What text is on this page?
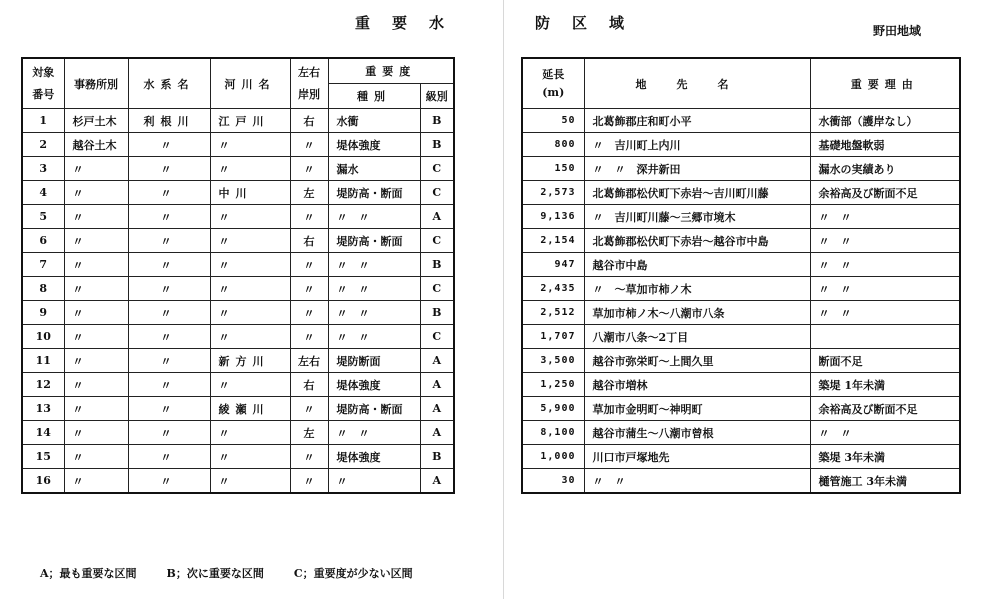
重要水	防区域	野田地域
対象
番号	事務所別	水系名	河川名	左右
岸別	重要度	
					種別	級別
1	杉戸土木	利根川	江戸川	右	水衝	B
2	越谷土木	〃	〃	〃	堤体強度	B
3	〃	〃	〃	〃	漏水	C
4	〃	〃	中川	左	堤防高・断面	C
5	〃	〃	〃	〃	〃　〃	A
6	〃	〃	〃	右	堤防高・断面	C
7	〃	〃	〃	〃	〃　〃	B
8	〃	〃	〃	〃	〃　〃	C
9	〃	〃	〃	〃	〃　〃	B
10	〃	〃	〃	〃	〃　〃	C
11	〃	〃	新方川	左右	堤防断面	A
12	〃	〃	〃	右	堤体強度	A
13	〃	〃	綾瀬川	〃	堤防高・断面	A
14	〃	〃	〃	左	〃　〃	A
15	〃	〃	〃	〃	堤体強度	B
16	〃	〃	〃	〃	〃	A
延長
(m)	地先名	重要理由
50	北葛飾郡庄和町小平	水衝部（護岸なし）
800	〃　吉川町上内川	基礎地盤軟弱
150	〃　〃　深井新田	漏水の実績あり
2,573	北葛飾郡松伏町下赤岩～吉川町川藤	余裕高及び断面不足
9,136	〃　吉川町川藤～三郷市境木	〃　〃
2,154	北葛飾郡松伏町下赤岩～越谷市中島	〃　〃
947	越谷市中島	〃　〃
2,435	〃　～草加市柿ノ木	〃　〃
2,512	草加市柿ノ木～八潮市八条	〃　〃
1,707	八潮市八条～2丁目	
3,500	越谷市弥栄町～上間久里	断面不足
1,250	越谷市増林	築堤 1年未満
5,900	草加市金明町～神明町	余裕高及び断面不足
8,100	越谷市蒲生～八潮市曾根	〃　〃
1,000	川口市戸塚地先	築堤 3年未満
30	〃　〃	樋管施工 3年未満
A；最も重要な区間	B；次に重要な区間	C；重要度が少ない区間
